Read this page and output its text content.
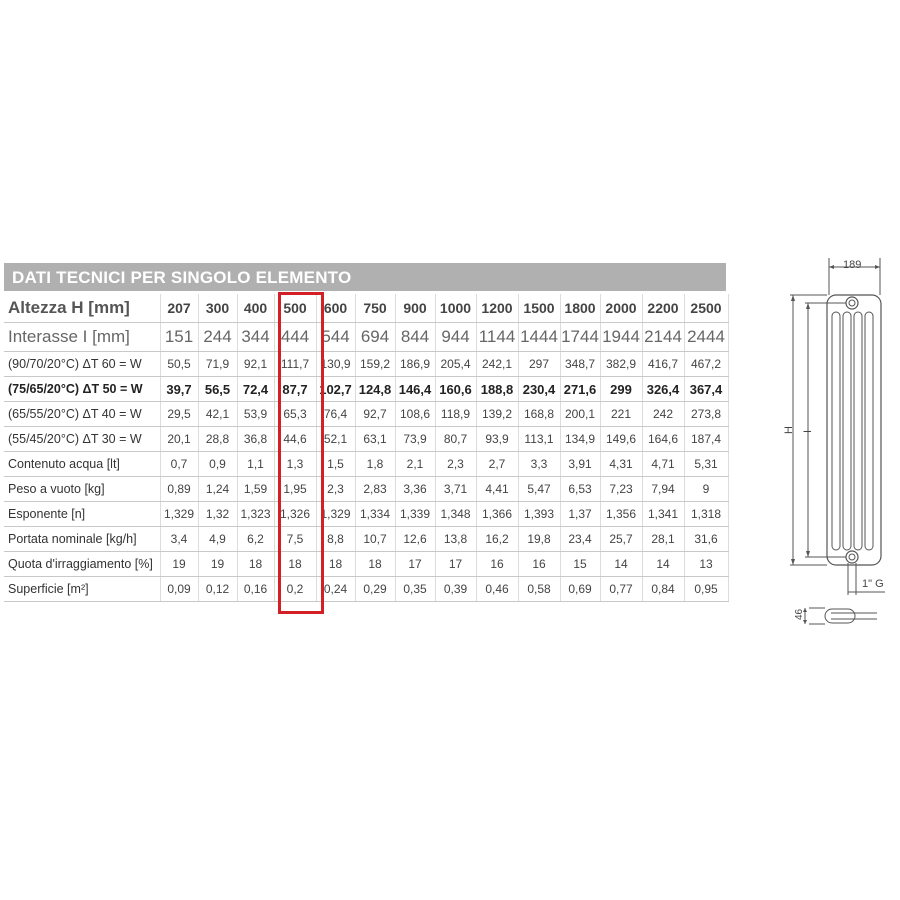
DATI TECNICI PER SINGOLO ELEMENTO
Altezza H [mm]	207	300	400	500	600	750	900	1000	1200	1500	1800	2000	2200	2500
Interasse I [mm]	151	244	344	444	544	694	844	944	1144	1444	1744	1944	2144	2444
(90/70/20°C) ΔT 60 = W	50,5	71,9	92,1	111,7	130,9	159,2	186,9	205,4	242,1	297	348,7	382,9	416,7	467,2
(75/65/20°C) ΔT 50 = W	39,7	56,5	72,4	87,7	102,7	124,8	146,4	160,6	188,8	230,4	271,6	299	326,4	367,4
(65/55/20°C) ΔT 40 = W	29,5	42,1	53,9	65,3	76,4	92,7	108,6	118,9	139,2	168,8	200,1	221	242	273,8
(55/45/20°C) ΔT 30 = W	20,1	28,8	36,8	44,6	52,1	63,1	73,9	80,7	93,9	113,1	134,9	149,6	164,6	187,4
Contenuto acqua [lt]	0,7	0,9	1,1	1,3	1,5	1,8	2,1	2,3	2,7	3,3	3,91	4,31	4,71	5,31
Peso a vuoto [kg]	0,89	1,24	1,59	1,95	2,3	2,83	3,36	3,71	4,41	5,47	6,53	7,23	7,94	9
Esponente [n]	1,329	1,32	1,323	1,326	1,329	1,334	1,339	1,348	1,366	1,393	1,37	1,356	1,341	1,318
Portata nominale [kg/h]	3,4	4,9	6,2	7,5	8,8	10,7	12,6	13,8	16,2	19,8	23,4	25,7	28,1	31,6
Quota d'irraggiamento [%]	19	19	18	18	18	18	17	17	16	16	15	14	14	13
Superficie [m²]	0,09	0,12	0,16	0,2	0,24	0,29	0,35	0,39	0,46	0,58	0,69	0,77	0,84	0,95
189
H I
1" G
46
